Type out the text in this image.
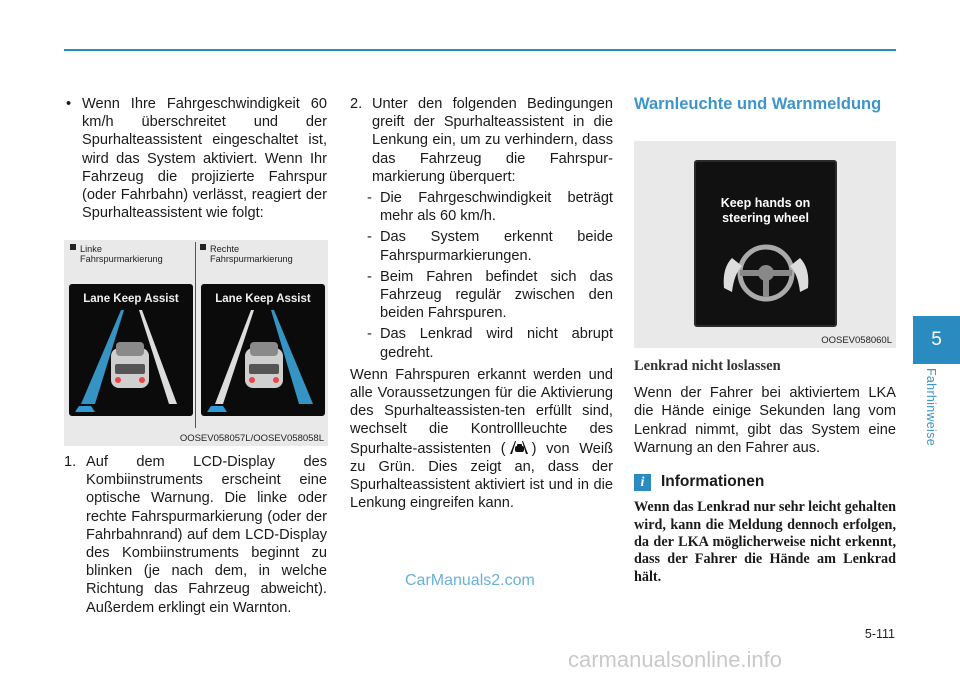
• Wenn Ihre Fahrgeschwindigkeit 60 km/h überschreitet und der Spurhalteassistent eingeschaltet ist, wird das System aktiviert. Wenn Ihr Fahrzeug die projizierte Fahrspur (oder Fahrbahn) verlässt, reagiert der Spurhalteassistent wie folgt:
Linke Fahrspurmarkierung
Rechte Fahrspurmarkierung
Lane Keep Assist	Lane Keep Assist
OOSEV058057L/OOSEV058058L
1. Auf dem LCD-Display des Kombiinstruments erscheint eine optische Warnung. Die linke oder rechte Fahrspurmarkierung (oder der Fahrbahnrand) auf dem LCD-Display des Kombiinstruments beginnt zu blinken (je nach dem, in welche Richtung das Fahrzeug abweicht). Außerdem erklingt ein Warnton.
2. Unter den folgenden Bedingungen greift der Spurhalteassistent in die Lenkung ein, um zu verhindern, dass das Fahrzeug die Fahrspur-markierung überquert:
- Die Fahrgeschwindigkeit beträgt mehr als 60 km/h.
- Das System erkennt beide Fahrspurmarkierungen.
- Beim Fahren befindet sich das Fahrzeug regulär zwischen den beiden Fahrspuren.
- Das Lenkrad wird nicht abrupt gedreht.

Wenn Fahrspuren erkannt werden und alle Voraussetzungen für die Aktivierung des Spurhalteassisten-ten erfüllt sind, wechselt die Kontrollleuchte des Spurhalte-assistenten ( ) von Weiß zu Grün. Dies zeigt an, dass der Spurhalteassistent aktiviert ist und in die Lenkung eingreifen kann.

Warnleuchte und Warnmeldung
Keep hands on
steering wheel
OOSEV058060L
Lenkrad nicht loslassen

Wenn der Fahrer bei aktiviertem LKA die Hände einige Sekunden lang vom Lenkrad nimmt, gibt das System eine Warnung an den Fahrer aus.

i	Informationen

Wenn das Lenkrad nur sehr leicht gehalten wird, kann die Meldung dennoch erfolgen, da der LKA möglicherweise nicht erkennt, dass der Fahrer die Hände am Lenkrad hält.

5
Fahrhinweise
5-111
CarManuals2.com
carmanualsonline.info
